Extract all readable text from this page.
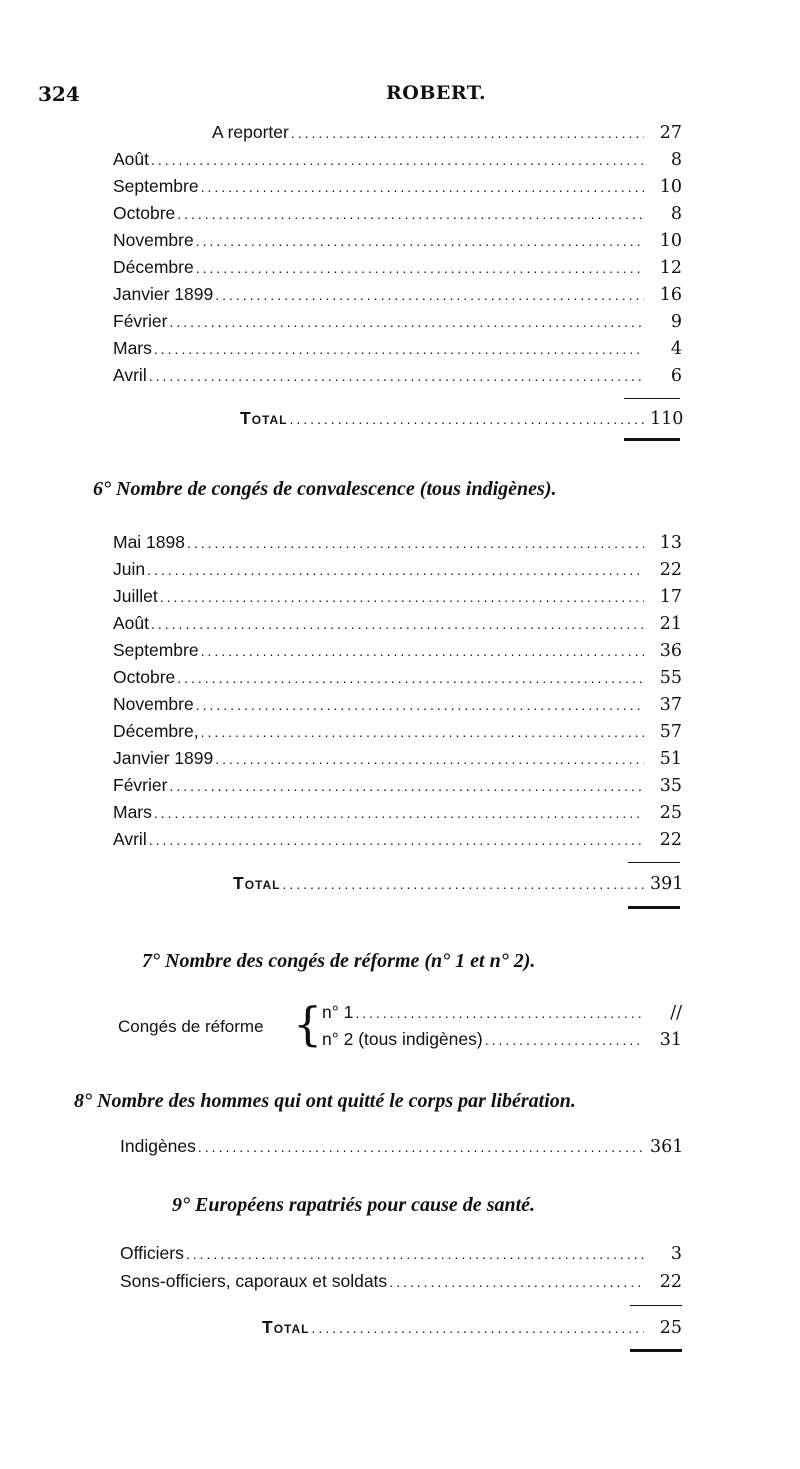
324	ROBERT.
A reporter .....	27
Août .....	8
Septembre .....	10
Octobre .....	8
Novembre .....	10
Décembre .....	12
Janvier 1899 .....	16
Février .....	9
Mars .....	4
Avril .....	6
Total .....	110
6° Nombre de congés de convalescence (tous indigènes).
Mai 1898 .....	13
Juin .....	22
Juillet .....	17
Août .....	21
Septembre .....	36
Octobre .....	55
Novembre .....	37
Décembre, .....	57
Janvier 1899 .....	51
Février .....	35
Mars .....	25
Avril .....	22
Total .....	391
7° Nombre des congés de réforme (n° 1 et n° 2).
Congés de réforme { n° 1 .....	//
n° 2 (tous indigènes) .....	31
8° Nombre des hommes qui ont quitté le corps par libération.
Indigènes .....	361
9° Européens rapatriés pour cause de santé.
Officiers .....	3
Sons-officiers, caporaux et soldats .....	22
Total .....	25
